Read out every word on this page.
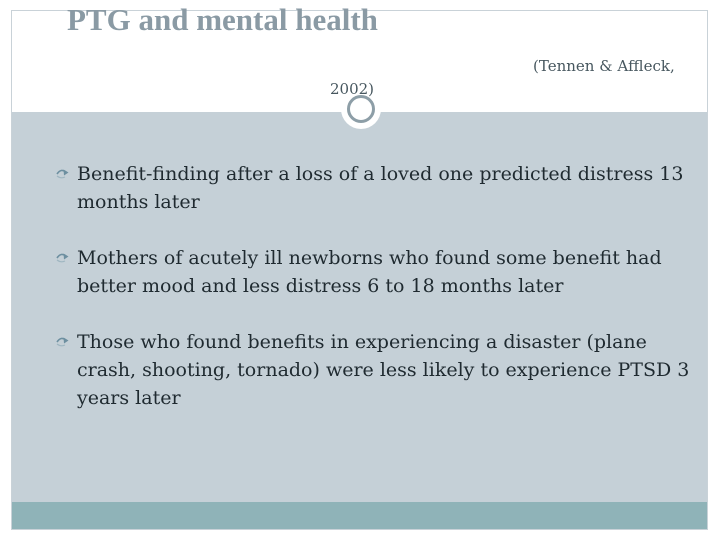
PTG and mental health
(Tennen & Affleck,
2002)
Benefit-finding after a loss of a loved one predicted distress 13 months later
Mothers of acutely ill newborns who found some benefit had better mood and less distress 6 to 18 months later
Those who found benefits in experiencing a disaster (plane crash, shooting, tornado) were less likely to experience PTSD 3 years later
